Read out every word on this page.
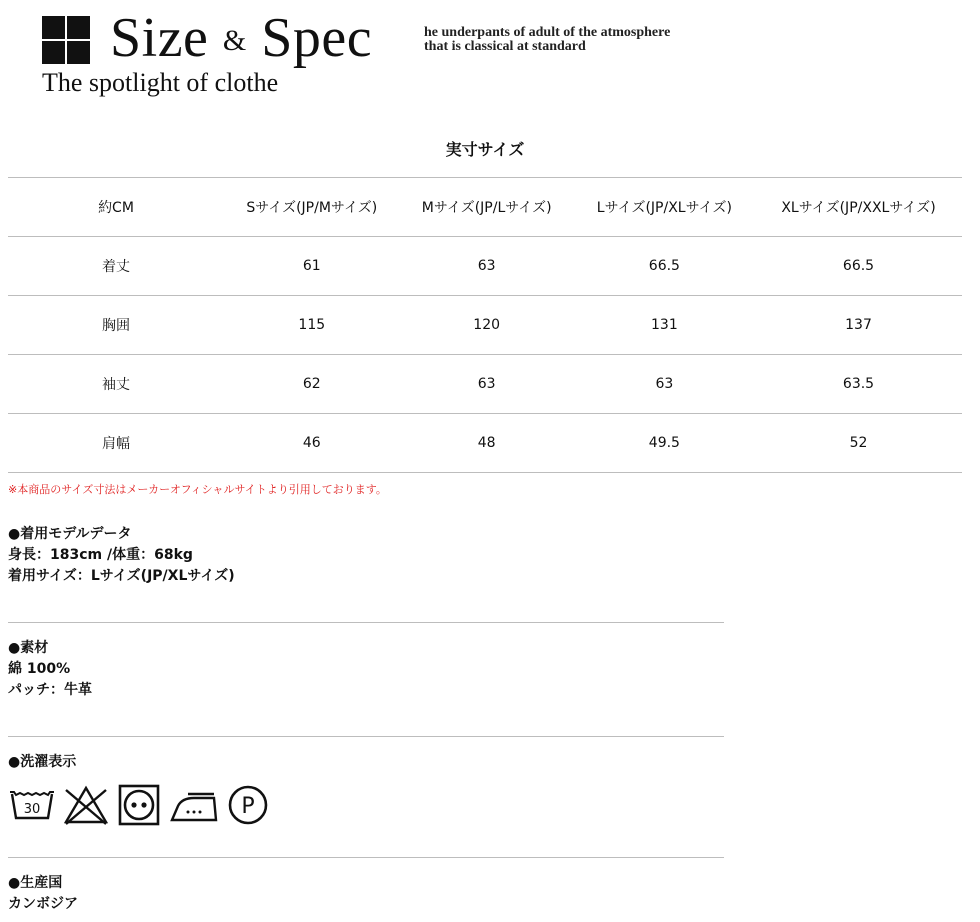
Size & Spec
The spotlight of clothe
he underpants of adult of the atmosphere
that is classical at standard
実寸サイズ
約CM	Sサイズ(JP/Mサイズ)	Mサイズ(JP/Lサイズ)	Lサイズ(JP/XLサイズ)	XLサイズ(JP/XXLサイズ)
着丈	61	63	66.5	66.5
胸囲	115	120	131	137
袖丈	62	63	63	63.5
肩幅	46	48	49.5	52
※本商品のサイズ寸法はメーカーオフィシャルサイトより引用しております。
●着用モデルデータ
身長：183cm /体重：68kg
着用サイズ：Lサイズ(JP/XLサイズ)
●素材
綿 100%
パッチ：牛革
●洗濯表示
30	P
●生産国
カンボジア
